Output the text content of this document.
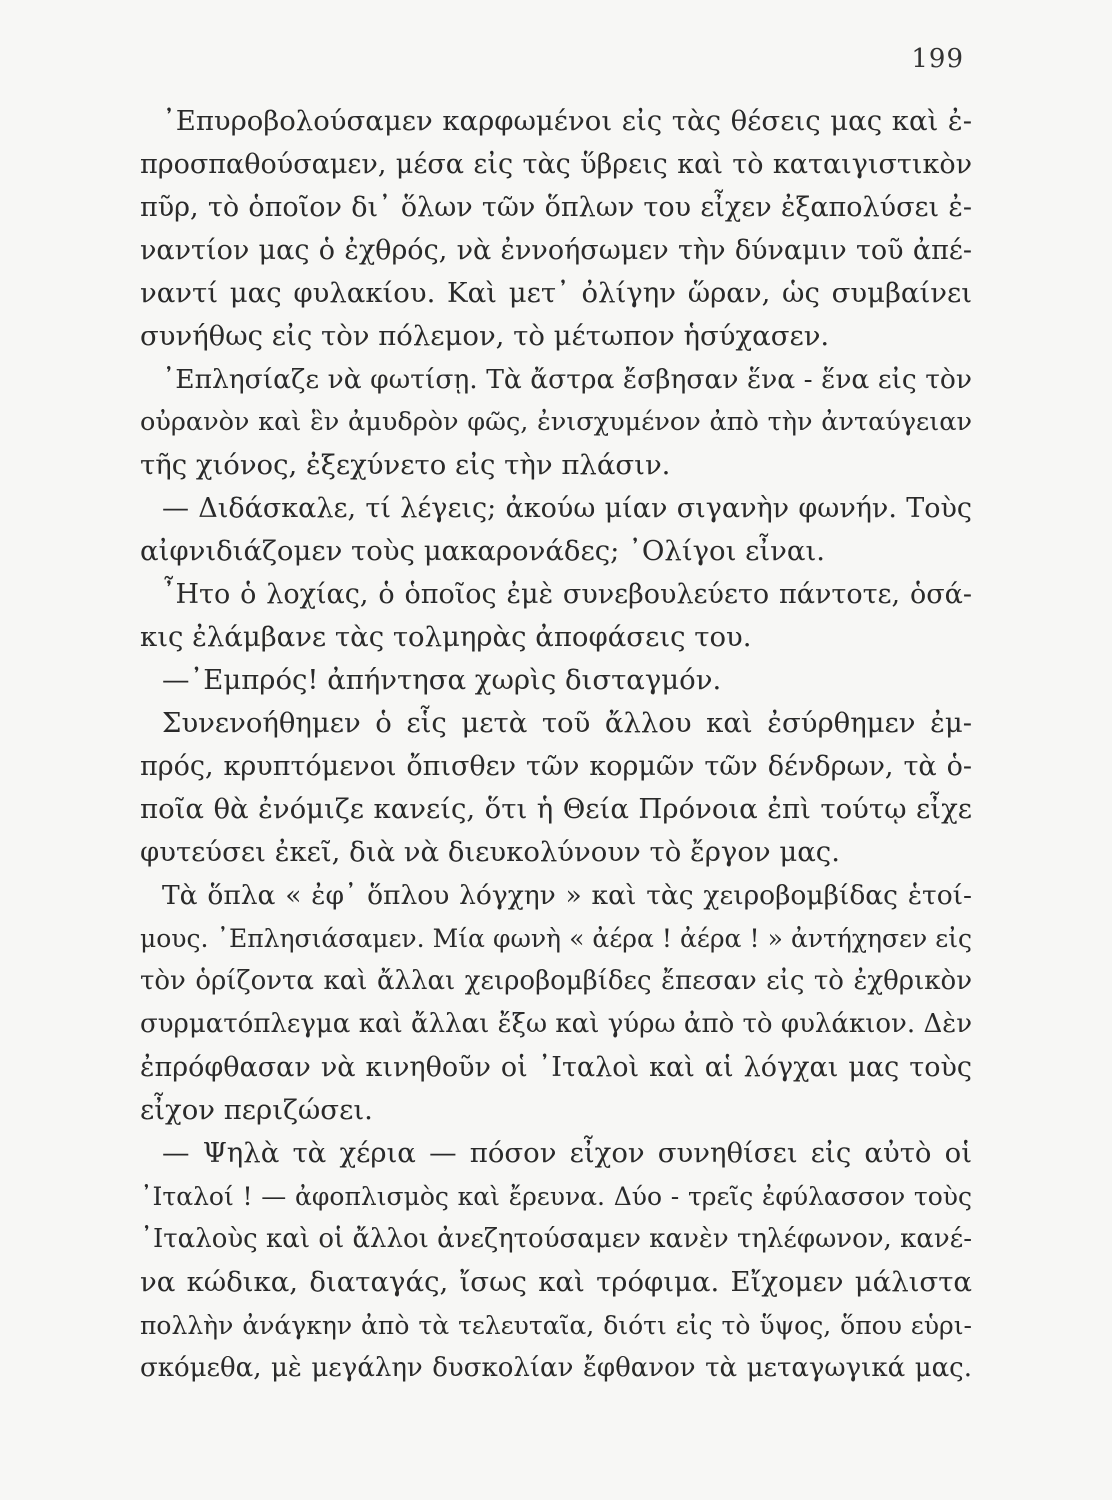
199
᾿Επυροβολούσαμεν καρφωμένοι εἰς τὰς θέσεις μας καὶ ἐ-
προσπαθούσαμεν, μέσα εἰς τὰς ὕβρεις καὶ τὸ καταιγιστικὸν
πῦρ, τὸ ὁποῖον δι᾿ ὅλων τῶν ὅπλων του εἶχεν ἐξαπολύσει ἐ-
ναντίον μας ὁ ἐχθρός, νὰ ἐννοήσωμεν τὴν δύναμιν τοῦ ἀπέ-
ναντί μας φυλακίου. Καὶ μετ᾿ ὀλίγην ὥραν, ὡς συμβαίνει
συνήθως εἰς τὸν πόλεμον, τὸ μέτωπον ἡσύχασεν.
᾿Επλησίαζε νὰ φωτίσῃ. Τὰ ἄστρα ἔσβησαν ἕνα - ἕνα εἰς τὸν
οὐρανὸν καὶ ἓν ἀμυδρὸν φῶς, ἐνισχυμένον ἀπὸ τὴν ἀνταύγειαν
τῆς χιόνος, ἐξεχύνετο εἰς τὴν πλάσιν.
— Διδάσκαλε, τί λέγεις; ἀκούω μίαν σιγανὴν φωνήν. Τοὺς
αἰφνιδιάζομεν τοὺς μακαρονάδες; ᾿Ολίγοι εἶναι.
῏Ητο ὁ λοχίας, ὁ ὁποῖος ἐμὲ συνεβουλεύετο πάντοτε, ὁσά-
κις ἐλάμβανε τὰς τολμηρὰς ἀποφάσεις του.
—᾿Εμπρός! ἀπήντησα χωρὶς δισταγμόν.
Συνενοήθημεν ὁ εἷς μετὰ τοῦ ἄλλου καὶ ἐσύρθημεν ἐμ-
πρός, κρυπτόμενοι ὄπισθεν τῶν κορμῶν τῶν δένδρων, τὰ ὁ-
ποῖα θὰ ἐνόμιζε κανείς, ὅτι ἡ Θεία Πρόνοια ἐπὶ τούτῳ εἶχε
φυτεύσει ἐκεῖ, διὰ νὰ διευκολύνουν τὸ ἔργον μας.
Τὰ ὅπλα « ἐφ᾿ ὅπλου λόγχην » καὶ τὰς χειροβομβίδας ἑτοί-
μους. ᾿Επλησιάσαμεν. Μία φωνὴ « ἀέρα ! ἀέρα ! » ἀντήχησεν εἰς
τὸν ὁρίζοντα καὶ ἄλλαι χειροβομβίδες ἔπεσαν εἰς τὸ ἐχθρικὸν
συρματόπλεγμα καὶ ἄλλαι ἔξω καὶ γύρω ἀπὸ τὸ φυλάκιον. Δὲν
ἐπρόφθασαν νὰ κινηθοῦν οἱ ᾿Ιταλοὶ καὶ αἱ λόγχαι μας τοὺς
εἶχον περιζώσει.
— Ψηλὰ τὰ χέρια — πόσον εἶχον συνηθίσει εἰς αὐτὸ οἱ
᾿Ιταλοί ! — ἀφοπλισμὸς καὶ ἔρευνα. Δύο - τρεῖς ἐφύλασσον τοὺς
᾿Ιταλοὺς καὶ οἱ ἄλλοι ἀνεζητούσαμεν κανὲν τηλέφωνον, κανέ-
να κώδικα, διαταγάς, ἴσως καὶ τρόφιμα. Εἴχομεν μάλιστα
πολλὴν ἀνάγκην ἀπὸ τὰ τελευταῖα, διότι εἰς τὸ ὕψος, ὅπου εὑρι-
σκόμεθα, μὲ μεγάλην δυσκολίαν ἔφθανον τὰ μεταγωγικά μας.
